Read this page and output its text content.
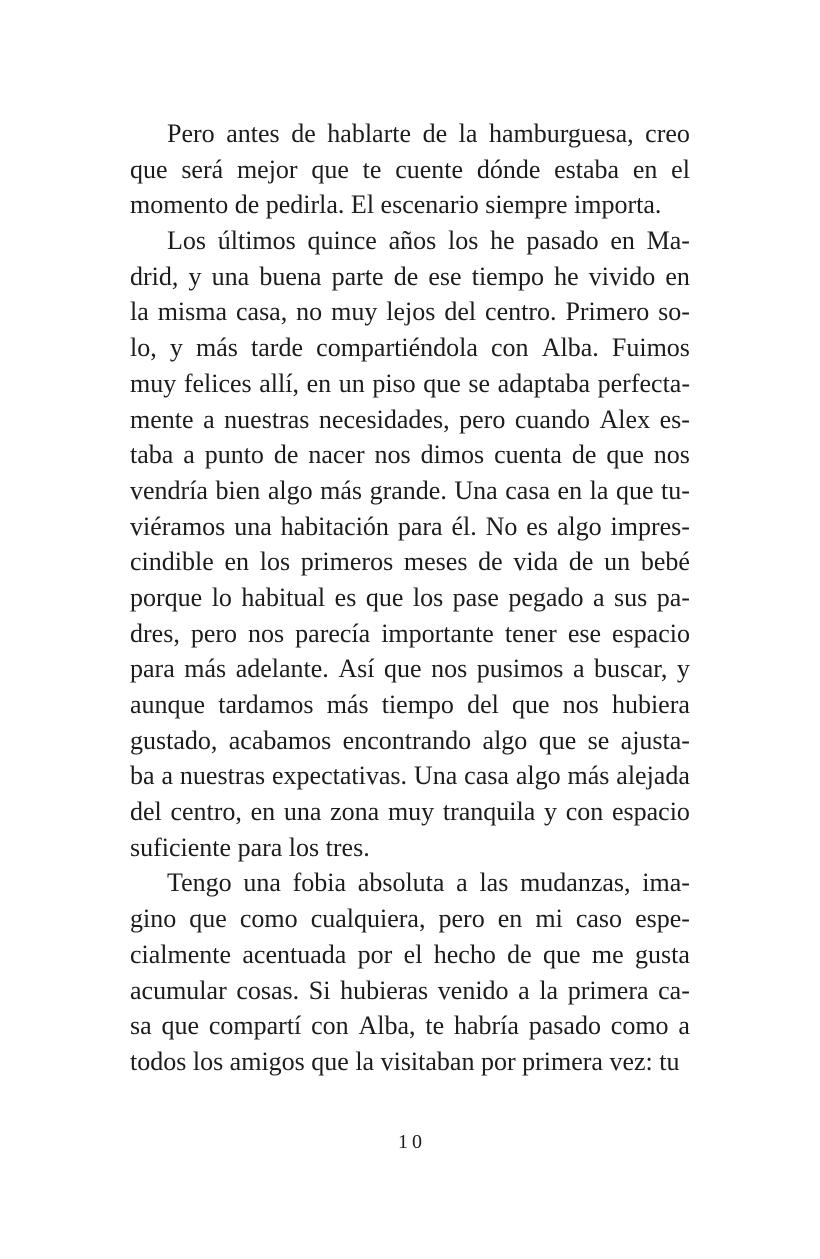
Pero antes de hablarte de la hamburguesa, creo
que será mejor que te cuente dónde estaba en el
momento de pedirla. El escenario siempre importa.
Los últimos quince años los he pasado en Ma-
drid, y una buena parte de ese tiempo he vivido en
la misma casa, no muy lejos del centro. Primero so-
lo, y más tarde compartiéndola con Alba. Fuimos
muy felices allí, en un piso que se adaptaba perfecta-
mente a nuestras necesidades, pero cuando Alex es-
taba a punto de nacer nos dimos cuenta de que nos
vendría bien algo más grande. Una casa en la que tu-
viéramos una habitación para él. No es algo impres-
cindible en los primeros meses de vida de un bebé
porque lo habitual es que los pase pegado a sus pa-
dres, pero nos parecía importante tener ese espacio
para más adelante. Así que nos pusimos a buscar, y
aunque tardamos más tiempo del que nos hubiera
gustado, acabamos encontrando algo que se ajusta-
ba a nuestras expectativas. Una casa algo más alejada
del centro, en una zona muy tranquila y con espacio
suficiente para los tres.
Tengo una fobia absoluta a las mudanzas, ima-
gino que como cualquiera, pero en mi caso espe-
cialmente acentuada por el hecho de que me gusta
acumular cosas. Si hubieras venido a la primera ca-
sa que compartí con Alba, te habría pasado como a
todos los amigos que la visitaban por primera vez: tu
10
